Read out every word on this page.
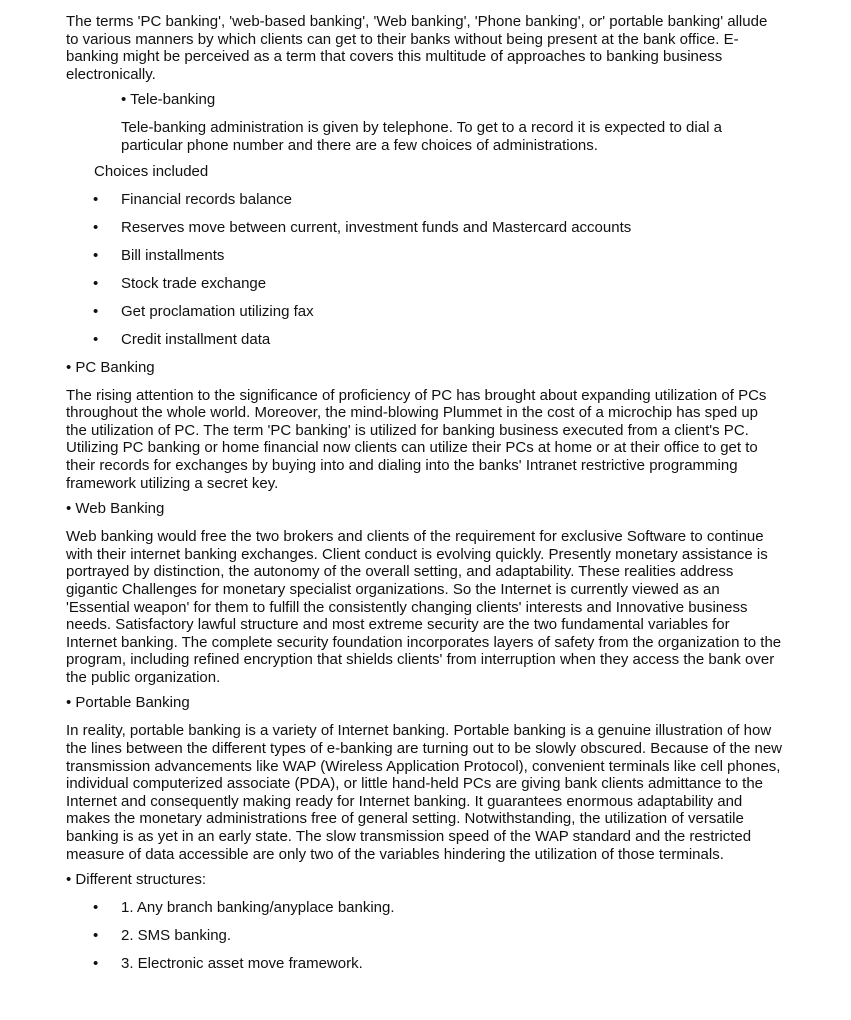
The terms 'PC banking', 'web-based banking', 'Web banking', 'Phone banking', or' portable banking' allude to various manners by which clients can get to their banks without being present at the bank office. E-banking might be perceived as a term that covers this multitude of approaches to banking business electronically.

• Tele-banking

Tele-banking administration is given by telephone. To get to a record it is expected to dial a particular phone number and there are a few choices of administrations.

Choices included

• Financial records balance
• Reserves move between current, investment funds and Mastercard accounts
• Bill installments
• Stock trade exchange
• Get proclamation utilizing fax
• Credit installment data

• PC Banking

The rising attention to the significance of proficiency of PC has brought about expanding utilization of PCs throughout the whole world. Moreover, the mind-blowing Plummet in the cost of a microchip has sped up the utilization of PC. The term 'PC banking' is utilized for banking business executed from a client's PC. Utilizing PC banking or home financial now clients can utilize their PCs at home or at their office to get to their records for exchanges by buying into and dialing into the banks' Intranet restrictive programming framework utilizing a secret key.

• Web Banking

Web banking would free the two brokers and clients of the requirement for exclusive Software to continue with their internet banking exchanges. Client conduct is evolving quickly. Presently monetary assistance is portrayed by distinction, the autonomy of the overall setting, and adaptability. These realities address gigantic Challenges for monetary specialist organizations. So the Internet is currently viewed as an 'Essential weapon' for them to fulfill the consistently changing clients' interests and Innovative business needs. Satisfactory lawful structure and most extreme security are the two fundamental variables for Internet banking. The complete security foundation incorporates layers of safety from the organization to the program, including refined encryption that shields clients' from interruption when they access the bank over the public organization.

• Portable Banking

In reality, portable banking is a variety of Internet banking. Portable banking is a genuine illustration of how the lines between the different types of e-banking are turning out to be slowly obscured. Because of the new transmission advancements like WAP (Wireless Application Protocol), convenient terminals like cell phones, individual computerized associate (PDA), or little hand-held PCs are giving bank clients admittance to the Internet and consequently making ready for Internet banking. It guarantees enormous adaptability and makes the monetary administrations free of general setting. Notwithstanding, the utilization of versatile banking is as yet in an early state. The slow transmission speed of the WAP standard and the restricted measure of data accessible are only two of the variables hindering the utilization of those terminals.

• Different structures:

• 1. Any branch banking/anyplace banking.
• 2. SMS banking.
• 3. Electronic asset move framework.
